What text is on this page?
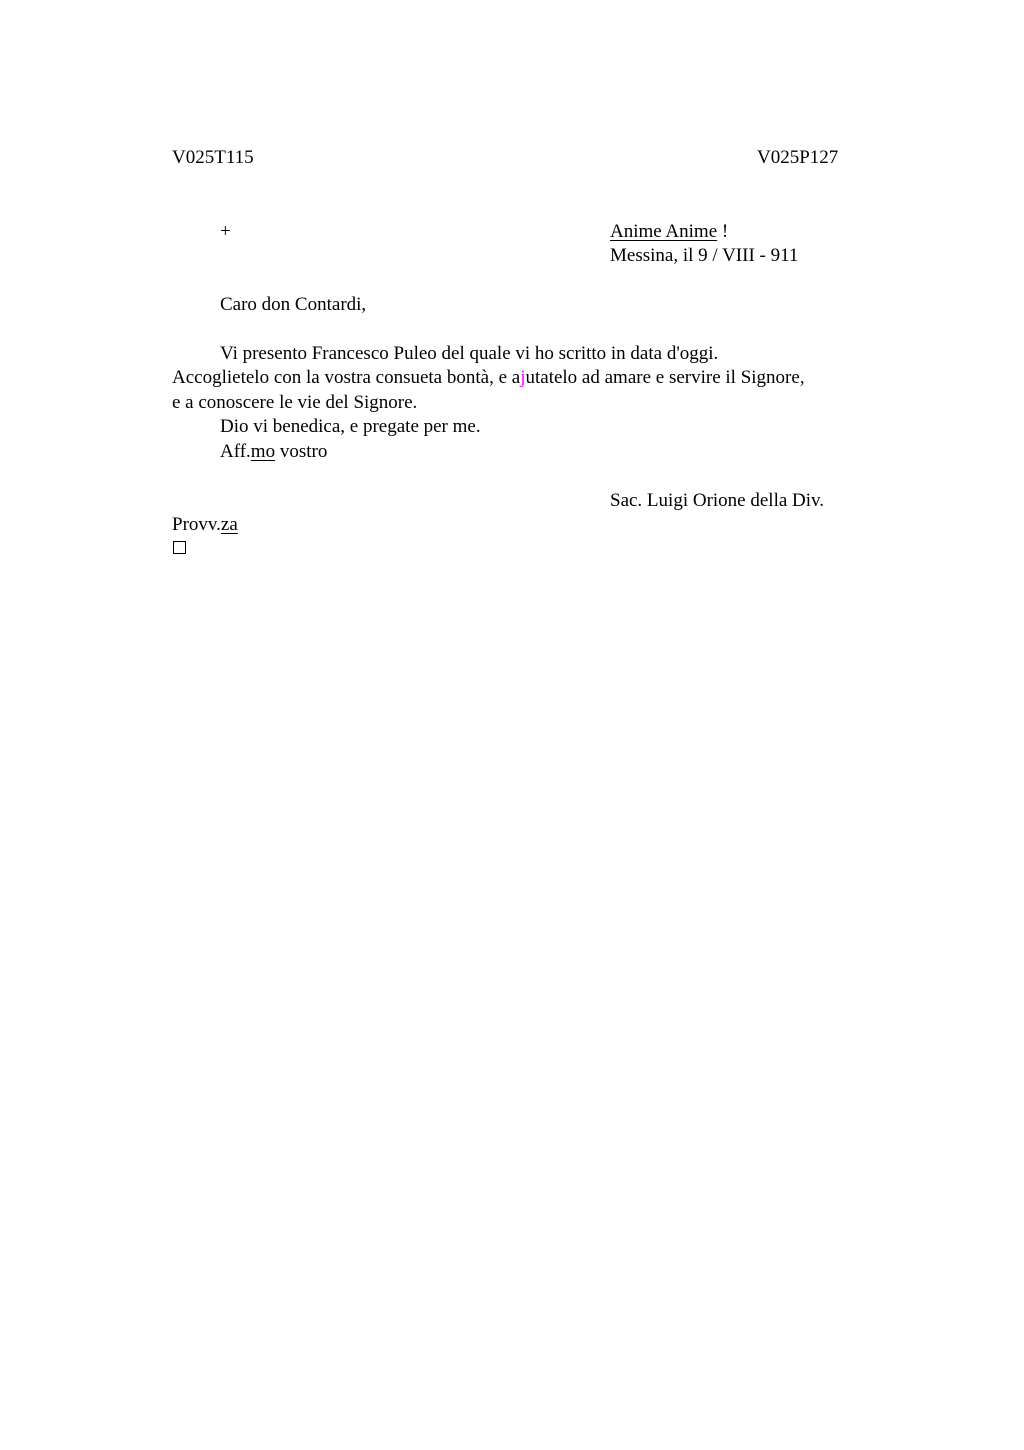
V025T115	V025P127
+	Anime Anime !
Messina, il 9 / VIII - 911
Caro don Contardi,
Vi presento Francesco Puleo del quale vi ho scritto in data d'oggi.
Accoglietelo con la vostra consueta bontà, e ajutatelo ad amare e servire il Signore,
e a conoscere le vie del Signore.
Dio vi benedica, e pregate per me.
Aff.mo vostro
Sac. Luigi Orione della Div.
Provv.za
